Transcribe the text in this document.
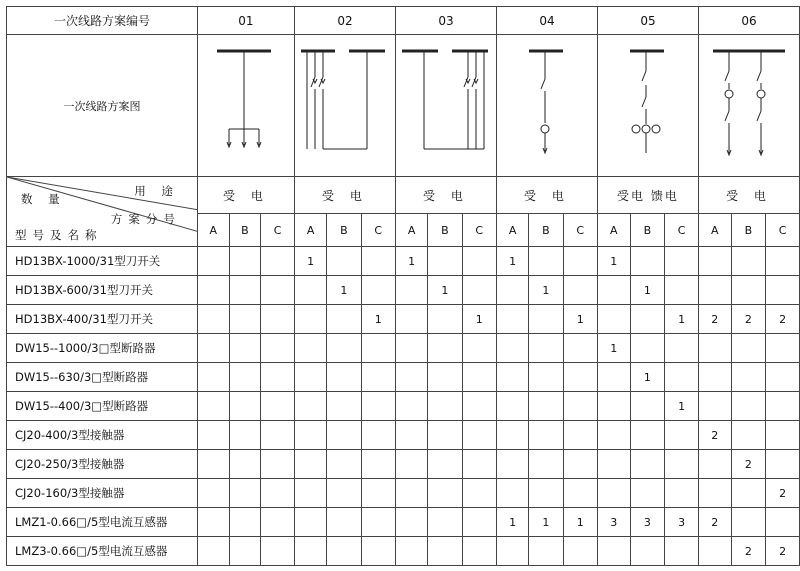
一次线路方案编号	01			02			03			04			05			06		
一次线路方案图	

用 途
数 量
方案分号
型号及名称	受 电			受 电			受 电			受 电			受电 馈电			受 电		
	A	B	C	A	B	C	A	B	C	A	B	C	A	B	C	A	B	C
HD13BX-1000/31型刀开关				1			1			1			1					
HD13BX-600/31型刀开关					1			1			1			1				
HD13BX-400/31型刀开关						1			1			1			1	2	2	2
DW15--1000/3□型断路器													1					
DW15--630/3□型断路器														1				
DW15--400/3□型断路器															1			
CJ20-400/3型接触器																2		
CJ20-250/3型接触器																	2	
CJ20-160/3型接触器																		2
LMZ1-0.66□/5型电流互感器										1	1	1	3	3	3	2		
LMZ3-0.66□/5型电流互感器																	2	2
